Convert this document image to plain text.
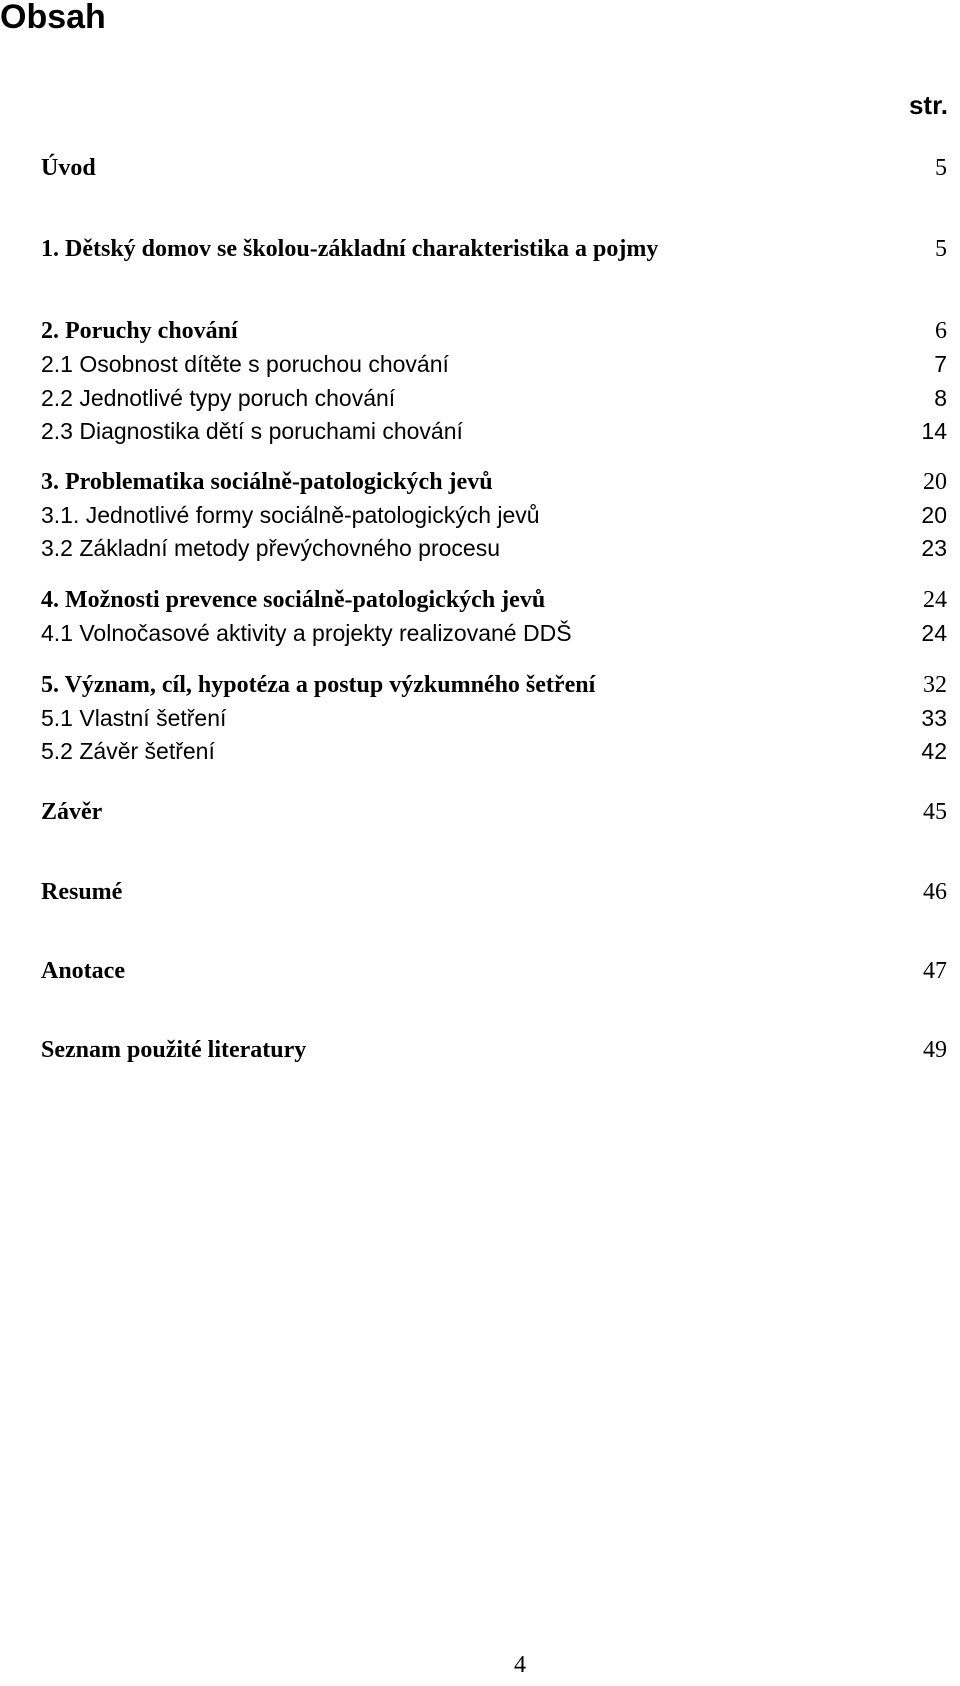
Obsah
str.
Úvod	5
1. Dětský domov se školou-základní charakteristika a pojmy	5
2. Poruchy chování	6
2.1 Osobnost dítěte s poruchou chování	7
2.2 Jednotlivé typy poruch chování	8
2.3 Diagnostika dětí s poruchami chování	14
3. Problematika sociálně-patologických jevů	20
3.1. Jednotlivé formy sociálně-patologických jevů	20
3.2 Základní metody převýchovného procesu	23
4. Možnosti prevence sociálně-patologických jevů	24
4.1 Volnočasové aktivity a projekty realizované DDŠ	24
5. Význam, cíl, hypotéza a postup výzkumného šetření	32
5.1 Vlastní šetření	33
5.2 Závěr šetření	42
Závěr	45
Resumé	46
Anotace	47
Seznam použité literatury	49
4
